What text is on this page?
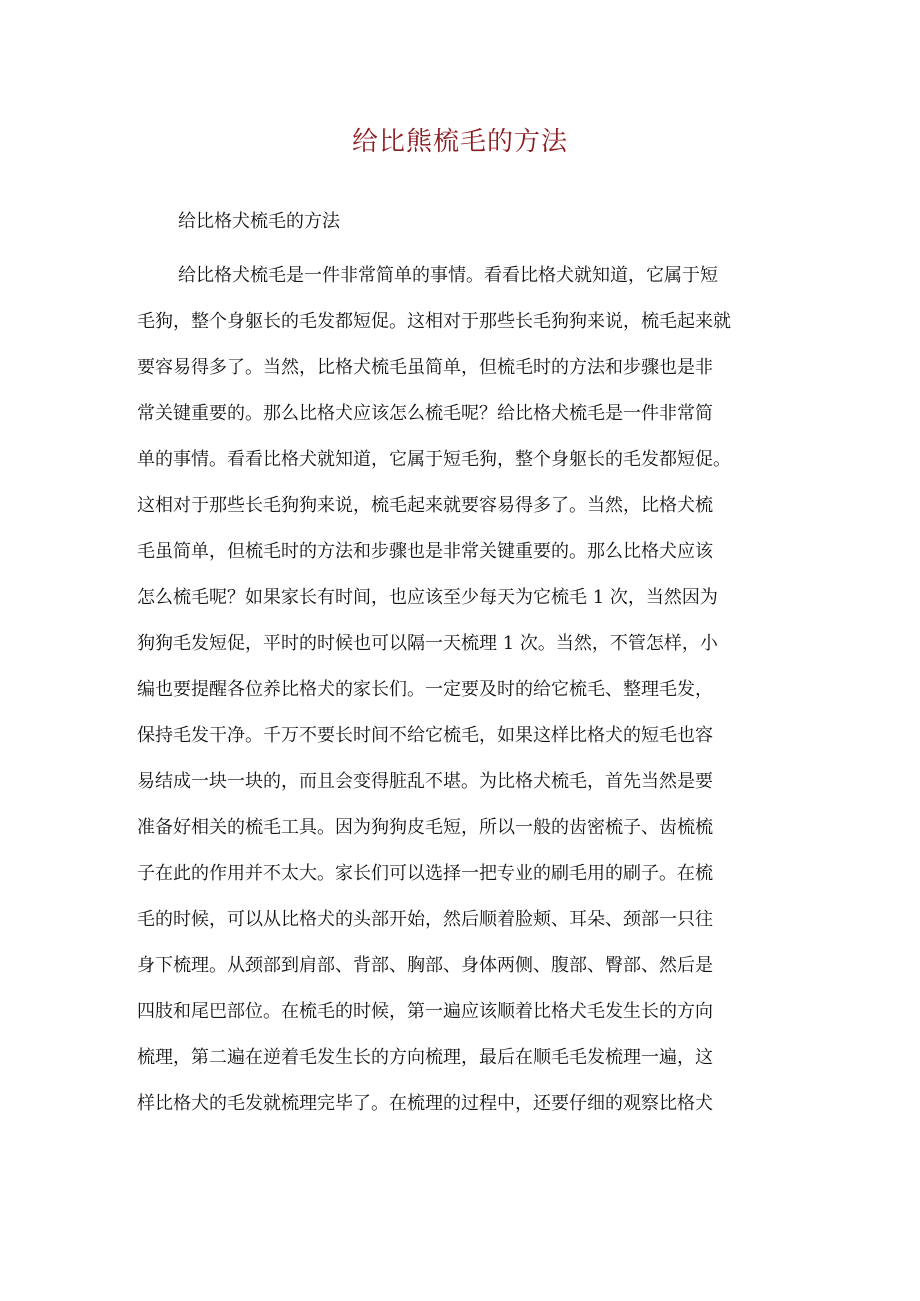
给比熊梳毛的方法
给比格犬梳毛的方法
给比格犬梳毛是一件非常简单的事情。看看比格犬就知道，它属于短
毛狗，整个身躯长的毛发都短促。这相对于那些长毛狗狗来说，梳毛起来就
要容易得多了。当然，比格犬梳毛虽简单，但梳毛时的方法和步骤也是非
常关键重要的。那么比格犬应该怎么梳毛呢？给比格犬梳毛是一件非常简
单的事情。看看比格犬就知道，它属于短毛狗，整个身躯长的毛发都短促。
这相对于那些长毛狗狗来说，梳毛起来就要容易得多了。当然，比格犬梳
毛虽简单，但梳毛时的方法和步骤也是非常关键重要的。那么比格犬应该
怎么梳毛呢？如果家长有时间，也应该至少每天为它梳毛 1 次，当然因为
狗狗毛发短促，平时的时候也可以隔一天梳理 1 次。当然，不管怎样，小
编也要提醒各位养比格犬的家长们。一定要及时的给它梳毛、整理毛发，
保持毛发干净。千万不要长时间不给它梳毛，如果这样比格犬的短毛也容
易结成一块一块的，而且会变得脏乱不堪。为比格犬梳毛，首先当然是要
准备好相关的梳毛工具。因为狗狗皮毛短，所以一般的齿密梳子、齿梳梳
子在此的作用并不太大。家长们可以选择一把专业的刷毛用的刷子。在梳
毛的时候，可以从比格犬的头部开始，然后顺着脸颊、耳朵、颈部一只往
身下梳理。从颈部到肩部、背部、胸部、身体两侧、腹部、臀部、然后是
四肢和尾巴部位。在梳毛的时候，第一遍应该顺着比格犬毛发生长的方向
梳理，第二遍在逆着毛发生长的方向梳理，最后在顺毛毛发梳理一遍，这
样比格犬的毛发就梳理完毕了。在梳理的过程中，还要仔细的观察比格犬
